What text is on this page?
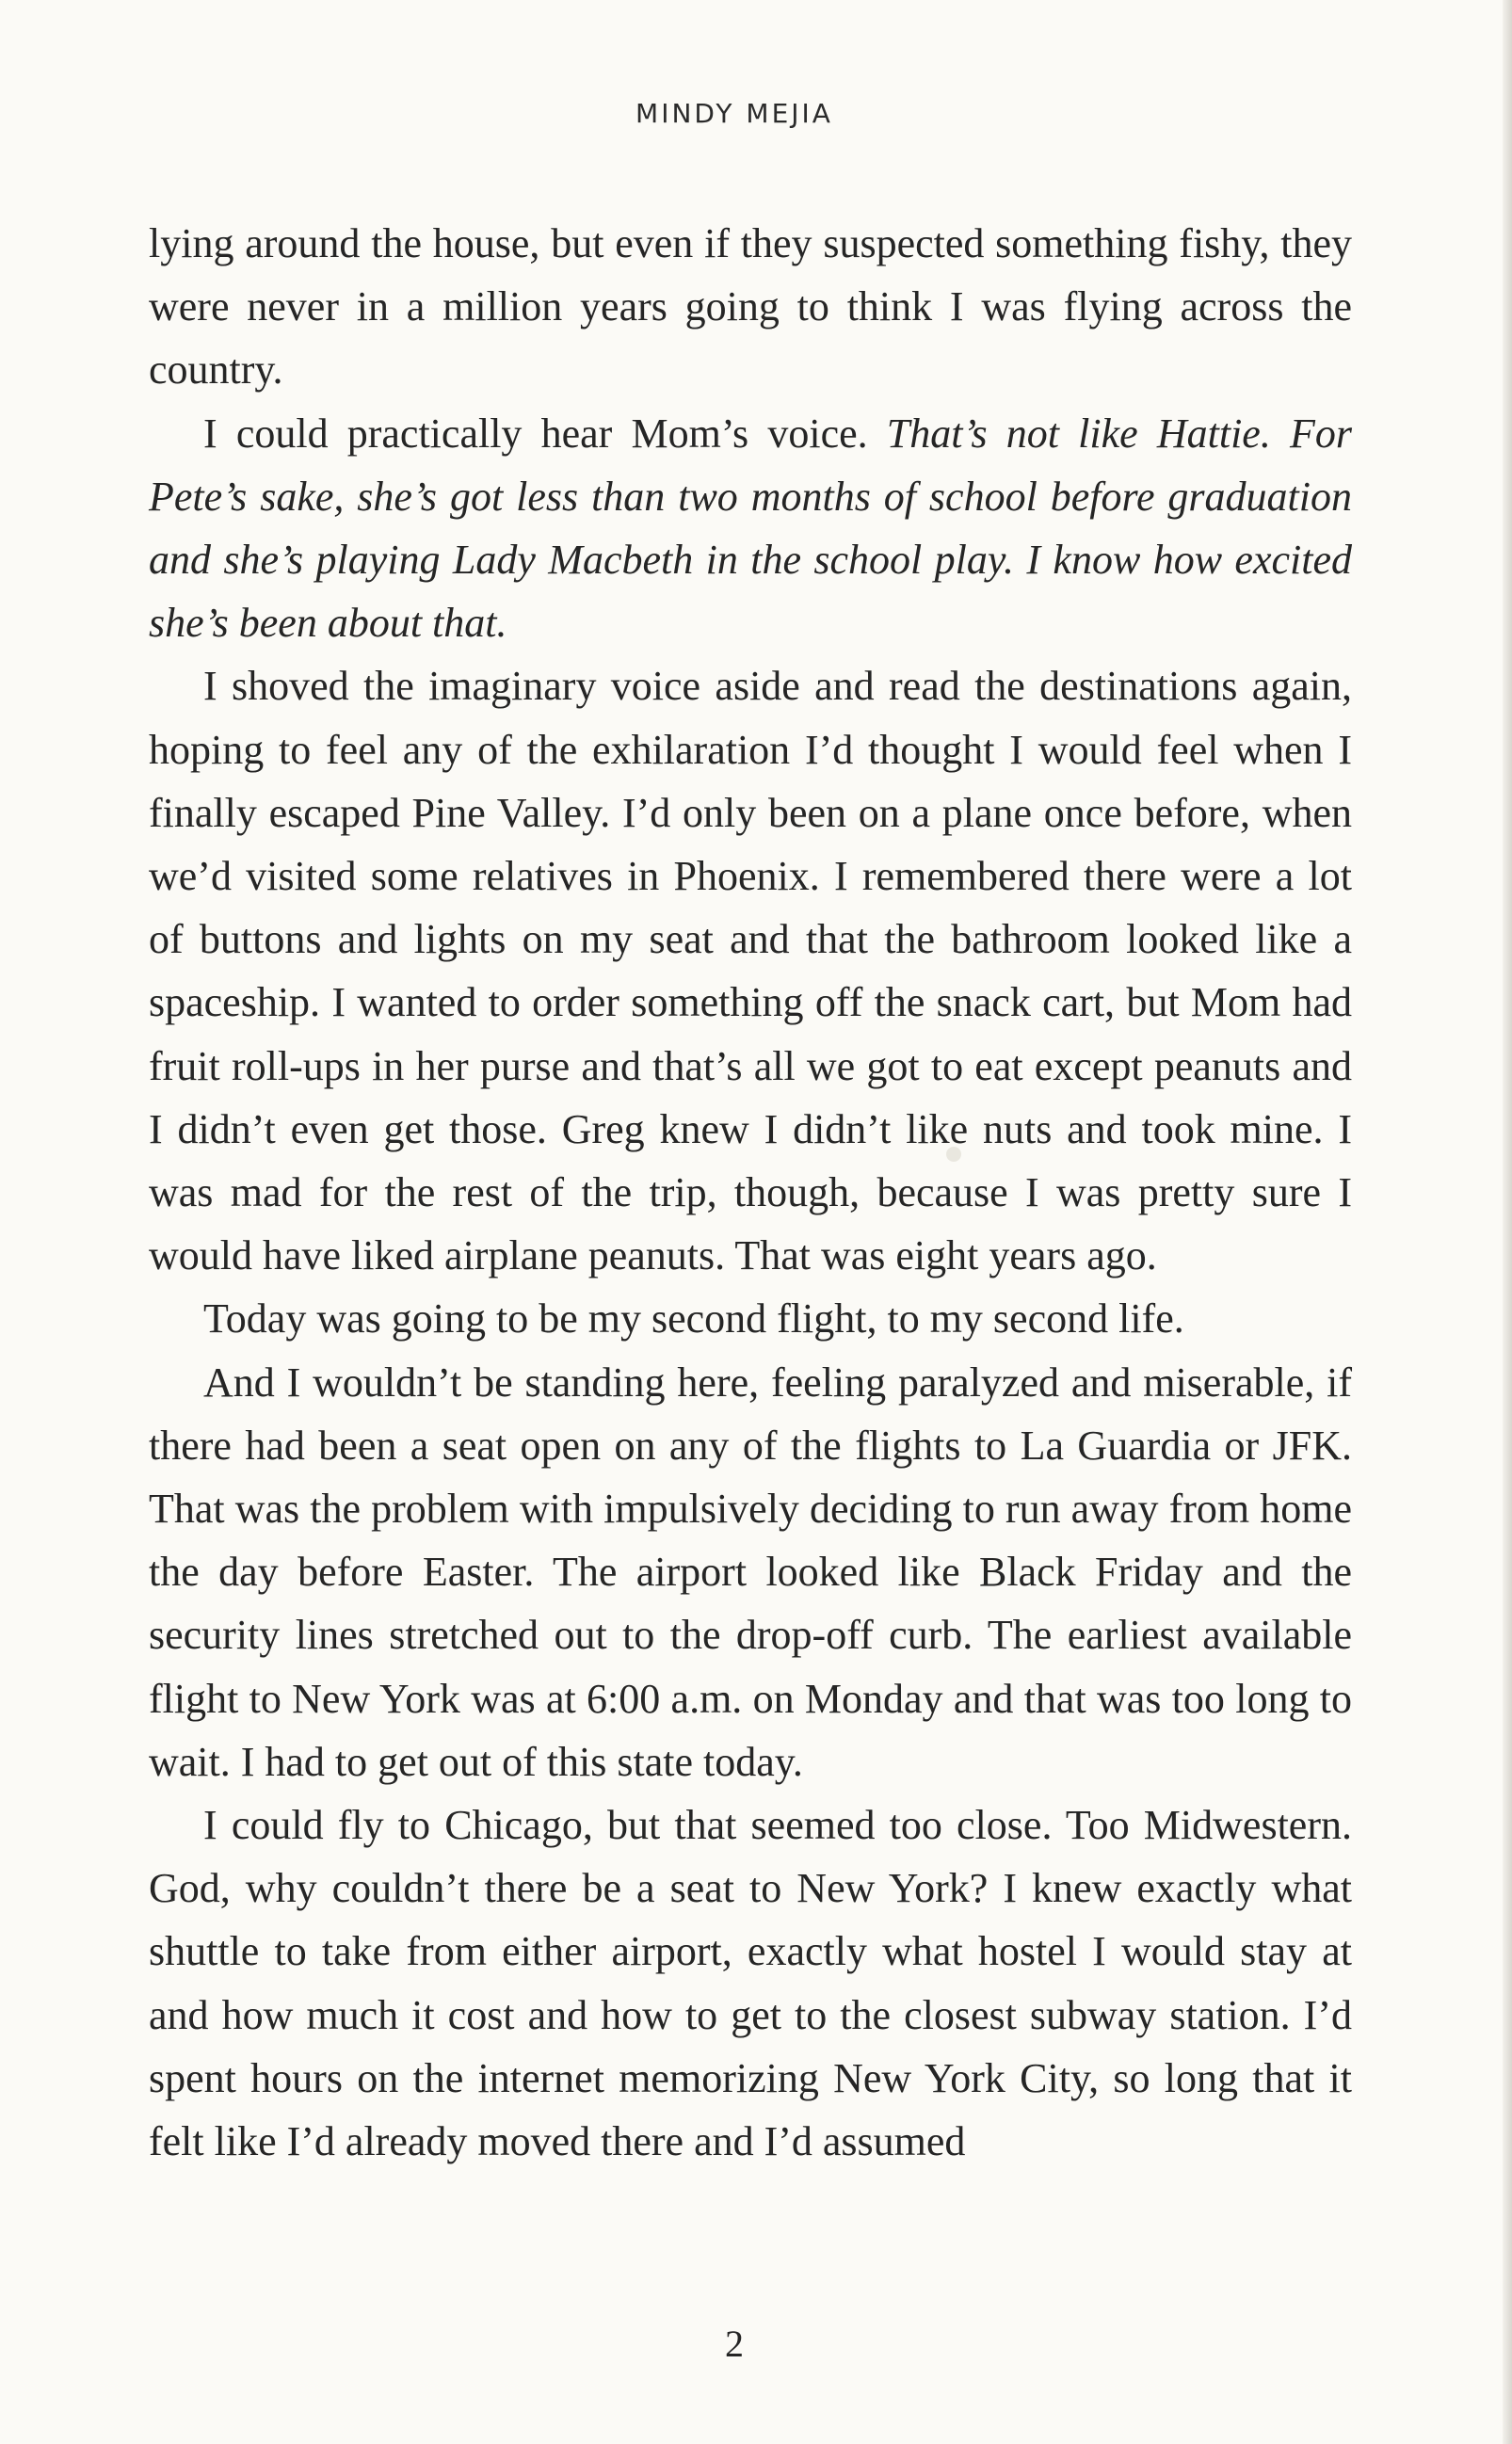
MINDY MEJIA

lying around the house, but even if they suspected something fishy, they were never in a million years going to think I was flying across the country.

I could practically hear Mom’s voice. That’s not like Hattie. For Pete’s sake, she’s got less than two months of school before graduation and she’s playing Lady Macbeth in the school play. I know how excited she’s been about that.

I shoved the imaginary voice aside and read the destinations again, hoping to feel any of the exhilaration I’d thought I would feel when I finally escaped Pine Valley. I’d only been on a plane once before, when we’d visited some relatives in Phoenix. I remembered there were a lot of buttons and lights on my seat and that the bathroom looked like a spaceship. I wanted to order something off the snack cart, but Mom had fruit roll-ups in her purse and that’s all we got to eat except peanuts and I didn’t even get those. Greg knew I didn’t like nuts and took mine. I was mad for the rest of the trip, though, because I was pretty sure I would have liked airplane peanuts. That was eight years ago.

Today was going to be my second flight, to my second life.

And I wouldn’t be standing here, feeling paralyzed and miserable, if there had been a seat open on any of the flights to La Guardia or JFK. That was the problem with impulsively deciding to run away from home the day before Easter. The airport looked like Black Friday and the security lines stretched out to the drop-off curb. The earliest available flight to New York was at 6:00 a.m. on Monday and that was too long to wait. I had to get out of this state today.

I could fly to Chicago, but that seemed too close. Too Midwestern. God, why couldn’t there be a seat to New York? I knew exactly what shuttle to take from either airport, exactly what hostel I would stay at and how much it cost and how to get to the closest subway station. I’d spent hours on the internet memorizing New York City, so long that it felt like I’d already moved there and I’d assumed

2
